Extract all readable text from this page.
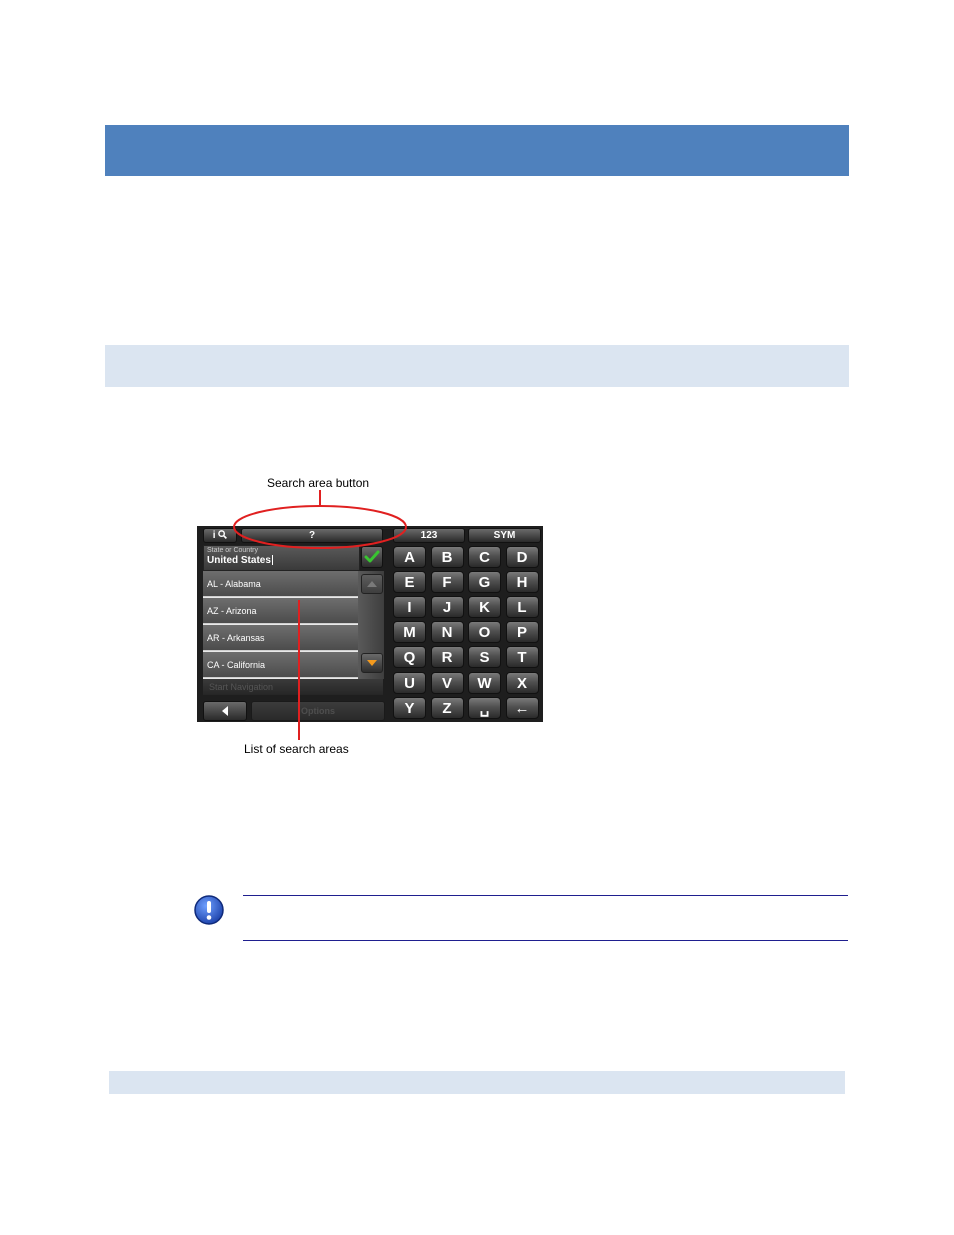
Search area button
List of search areas
i	?	123	SYM
State or Country
United States
AL - Alabama
AZ - Arizona
AR - Arkansas
CA - California
Start Navigation
Options
A	B	C	D
E	F	G	H
I	J	K	L
M	N	O	P
Q	R	S	T
U	V	W	X
Y	Z	␣	←
